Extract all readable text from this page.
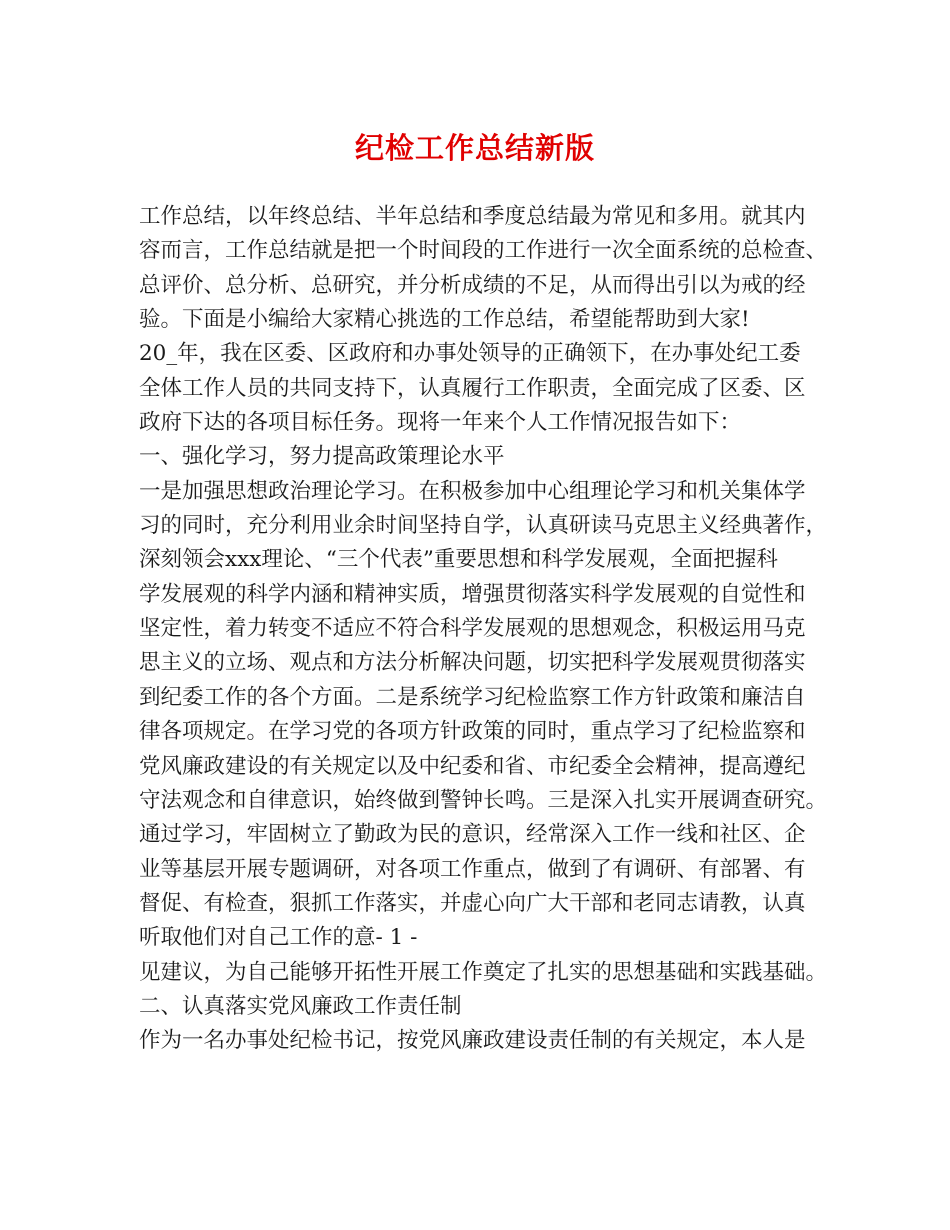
纪检工作总结新版
工作总结，以年终总结、半年总结和季度总结最为常见和多用。就其内
容而言，工作总结就是把一个时间段的工作进行一次全面系统的总检查、
总评价、总分析、总研究，并分析成绩的不足，从而得出引以为戒的经
验。下面是小编给大家精心挑选的工作总结，希望能帮助到大家!
20_年，我在区委、区政府和办事处领导的正确领下，在办事处纪工委
全体工作人员的共同支持下，认真履行工作职责，全面完成了区委、区
政府下达的各项目标任务。现将一年来个人工作情况报告如下：
一、强化学习，努力提高政策理论水平
一是加强思想政治理论学习。在积极参加中心组理论学习和机关集体学
习的同时，充分利用业余时间坚持自学，认真研读马克思主义经典著作，
深刻领会xxx理论、“三个代表”重要思想和科学发展观，全面把握科
学发展观的科学内涵和精神实质，增强贯彻落实科学发展观的自觉性和
坚定性，着力转变不适应不符合科学发展观的思想观念，积极运用马克
思主义的立场、观点和方法分析解决问题，切实把科学发展观贯彻落实
到纪委工作的各个方面。二是系统学习纪检监察工作方针政策和廉洁自
律各项规定。在学习党的各项方针政策的同时，重点学习了纪检监察和
党风廉政建设的有关规定以及中纪委和省、市纪委全会精神，提高遵纪
守法观念和自律意识，始终做到警钟长鸣。三是深入扎实开展调查研究。
通过学习，牢固树立了勤政为民的意识，经常深入工作一线和社区、企
业等基层开展专题调研，对各项工作重点，做到了有调研、有部署、有
督促、有检查，狠抓工作落实，并虚心向广大干部和老同志请教，认真
听取他们对自己工作的意- 1 -
见建议，为自己能够开拓性开展工作奠定了扎实的思想基础和实践基础。
二、认真落实党风廉政工作责任制
作为一名办事处纪检书记，按党风廉政建设责任制的有关规定，本人是
